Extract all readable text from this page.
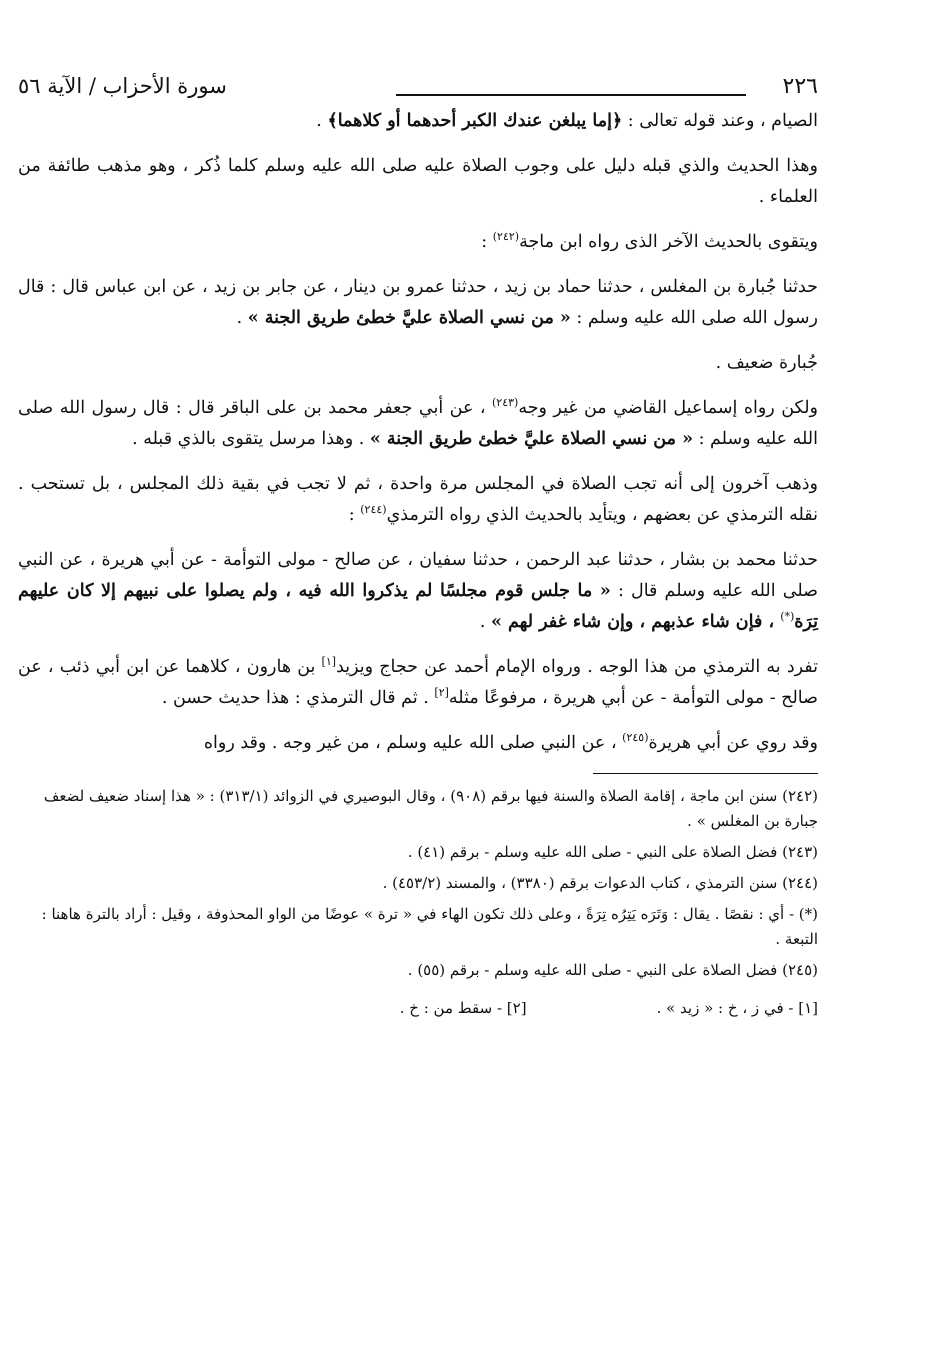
٢٢٦
سورة الأحزاب / الآية ٥٦

الصيام ، وعند قوله تعالى : ﴿إما يبلغن عندك الكبر أحدهما أو كلاهما﴾ .

وهذا الحديث والذي قبله دليل على وجوب الصلاة عليه صلى الله عليه وسلم كلما ذُكر ، وهو مذهب طائفة من العلماء .

ويتقوى بالحديث الآخر الذى رواه ابن ماجة$^{(٢٤٢)}$ :

حدثنا جُبارة بن المغلس ، حدثنا حماد بن زيد ، حدثنا عمرو بن دينار ، عن جابر بن زيد ، عن ابن عباس قال : قال رسول الله صلى الله عليه وسلم : « من نسي الصلاة عليَّ خطئ طريق الجنة » .

جُبارة ضعيف .

ولكن رواه إسماعيل القاضي من غير وجه$^{(٢٤٣)}$ ، عن أبي جعفر محمد بن على الباقر قال : قال رسول الله صلى الله عليه وسلم : « من نسي الصلاة عليَّ خطئ طريق الجنة » . وهذا مرسل يتقوى بالذي قبله .

وذهب آخرون إلى أنه تجب الصلاة في المجلس مرة واحدة ، ثم لا تجب في بقية ذلك المجلس ، بل تستحب . نقله الترمذي عن بعضهم ، ويتأيد بالحديث الذي رواه الترمذي$^{(٢٤٤)}$ :

حدثنا محمد بن بشار ، حدثنا عبد الرحمن ، حدثنا سفيان ، عن صالح - مولى التوأمة - عن أبي هريرة ، عن النبي صلى الله عليه وسلم قال : « ما جلس قوم مجلسًا لم يذكروا الله فيه ، ولم يصلوا على نبيهم إلا كان عليهم تِرَة(*) ، فإن شاء عذبهم ، وإن شاء غفر لهم » .

تفرد به الترمذي من هذا الوجه . ورواه الإمام أحمد عن حجاج ويزيد[١] بن هارون ، كلاهما عن ابن أبي ذئب ، عن صالح - مولى التوأمة - عن أبي هريرة ، مرفوعًا مثله[٢] . ثم قال الترمذي : هذا حديث حسن .

وقد روي عن أبي هريرة$^{(٢٤٥)}$ ، عن النبي صلى الله عليه وسلم ، من غير وجه . وقد رواه

(٢٤٢) سنن ابن ماجة ، إقامة الصلاة والسنة فيها برقم (٩٠٨) ، وقال البوصيري في الزوائد (٣١٣/١) : « هذا إسناد ضعيف لضعف جبارة بن المغلس » .

(٢٤٣) فضل الصلاة على النبي - صلى الله عليه وسلم - برقم (٤١) .

(٢٤٤) سنن الترمذي ، كتاب الدعوات برقم (٣٣٨٠) ، والمسند (٤٥٣/٢) .

(*) - أي : نقصًا . يقال : وَتَرَه يَتِرُه تِرَةً ، وعلى ذلك تكون الهاء في « ترة » عوضًا من الواو المحذوفة ، وقيل : أراد بالترة هاهنا : التبعة .

(٢٤٥) فضل الصلاة على النبي - صلى الله عليه وسلم - برقم (٥٥) .

[١] - في ز ، خ : « زيد » .
[٢] - سقط من : خ .
